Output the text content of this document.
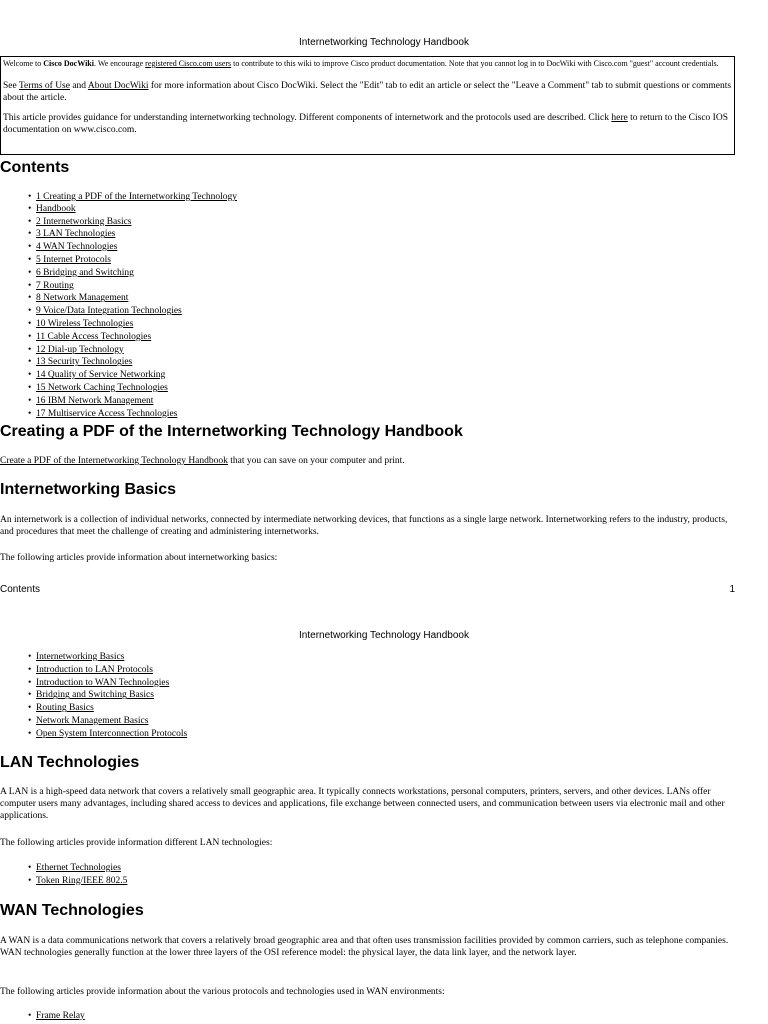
Internetworking Technology Handbook

Welcome to Cisco DocWiki. We encourage registered Cisco.com users to contribute to this wiki to improve Cisco product documentation. Note that you cannot log in to DocWiki with Cisco.com "guest" account credentials.

See Terms of Use and About DocWiki for more information about Cisco DocWiki. Select the "Edit" tab to edit an article or select the "Leave a Comment" tab to submit questions or comments about the article.

This article provides guidance for understanding internetworking technology. Different components of internetwork and the protocols used are described. Click here to return to the Cisco IOS documentation on www.cisco.com.

Contents
• 1 Creating a PDF of the Internetworking Technology
• Handbook
• 2 Internetworking Basics
• 3 LAN Technologies
• 4 WAN Technologies
• 5 Internet Protocols
• 6 Bridging and Switching
• 7 Routing
• 8 Network Management
• 9 Voice/Data Integration Technologies
• 10 Wireless Technologies
• 11 Cable Access Technologies
• 12 Dial-up Technology
• 13 Security Technologies
• 14 Quality of Service Networking
• 15 Network Caching Technologies
• 16 IBM Network Management
• 17 Multiservice Access Technologies
Creating a PDF of the Internetworking Technology Handbook

Create a PDF of the Internetworking Technology Handbook that you can save on your computer and print.

Internetworking Basics

An internetwork is a collection of individual networks, connected by intermediate networking devices, that functions as a single large network. Internetworking refers to the industry, products, and procedures that meet the challenge of creating and administering internetworks.

The following articles provide information about internetworking basics:

Contents	1
Internetworking Technology Handbook
• Internetworking Basics
• Introduction to LAN Protocols
• Introduction to WAN Technologies
• Bridging and Switching Basics
• Routing Basics
• Network Management Basics
• Open System Interconnection Protocols
LAN Technologies

A LAN is a high-speed data network that covers a relatively small geographic area. It typically connects workstations, personal computers, printers, servers, and other devices. LANs offer computer users many advantages, including shared access to devices and applications, file exchange between connected users, and communication between users via electronic mail and other applications.

The following articles provide information different LAN technologies:

• Ethernet Technologies
• Token Ring/IEEE 802.5
WAN Technologies

A WAN is a data communications network that covers a relatively broad geographic area and that often uses transmission facilities provided by common carriers, such as telephone companies. WAN technologies generally function at the lower three layers of the OSI reference model: the physical layer, the data link layer, and the network layer.

The following articles provide information about the various protocols and technologies used in WAN environments:

• Frame Relay
